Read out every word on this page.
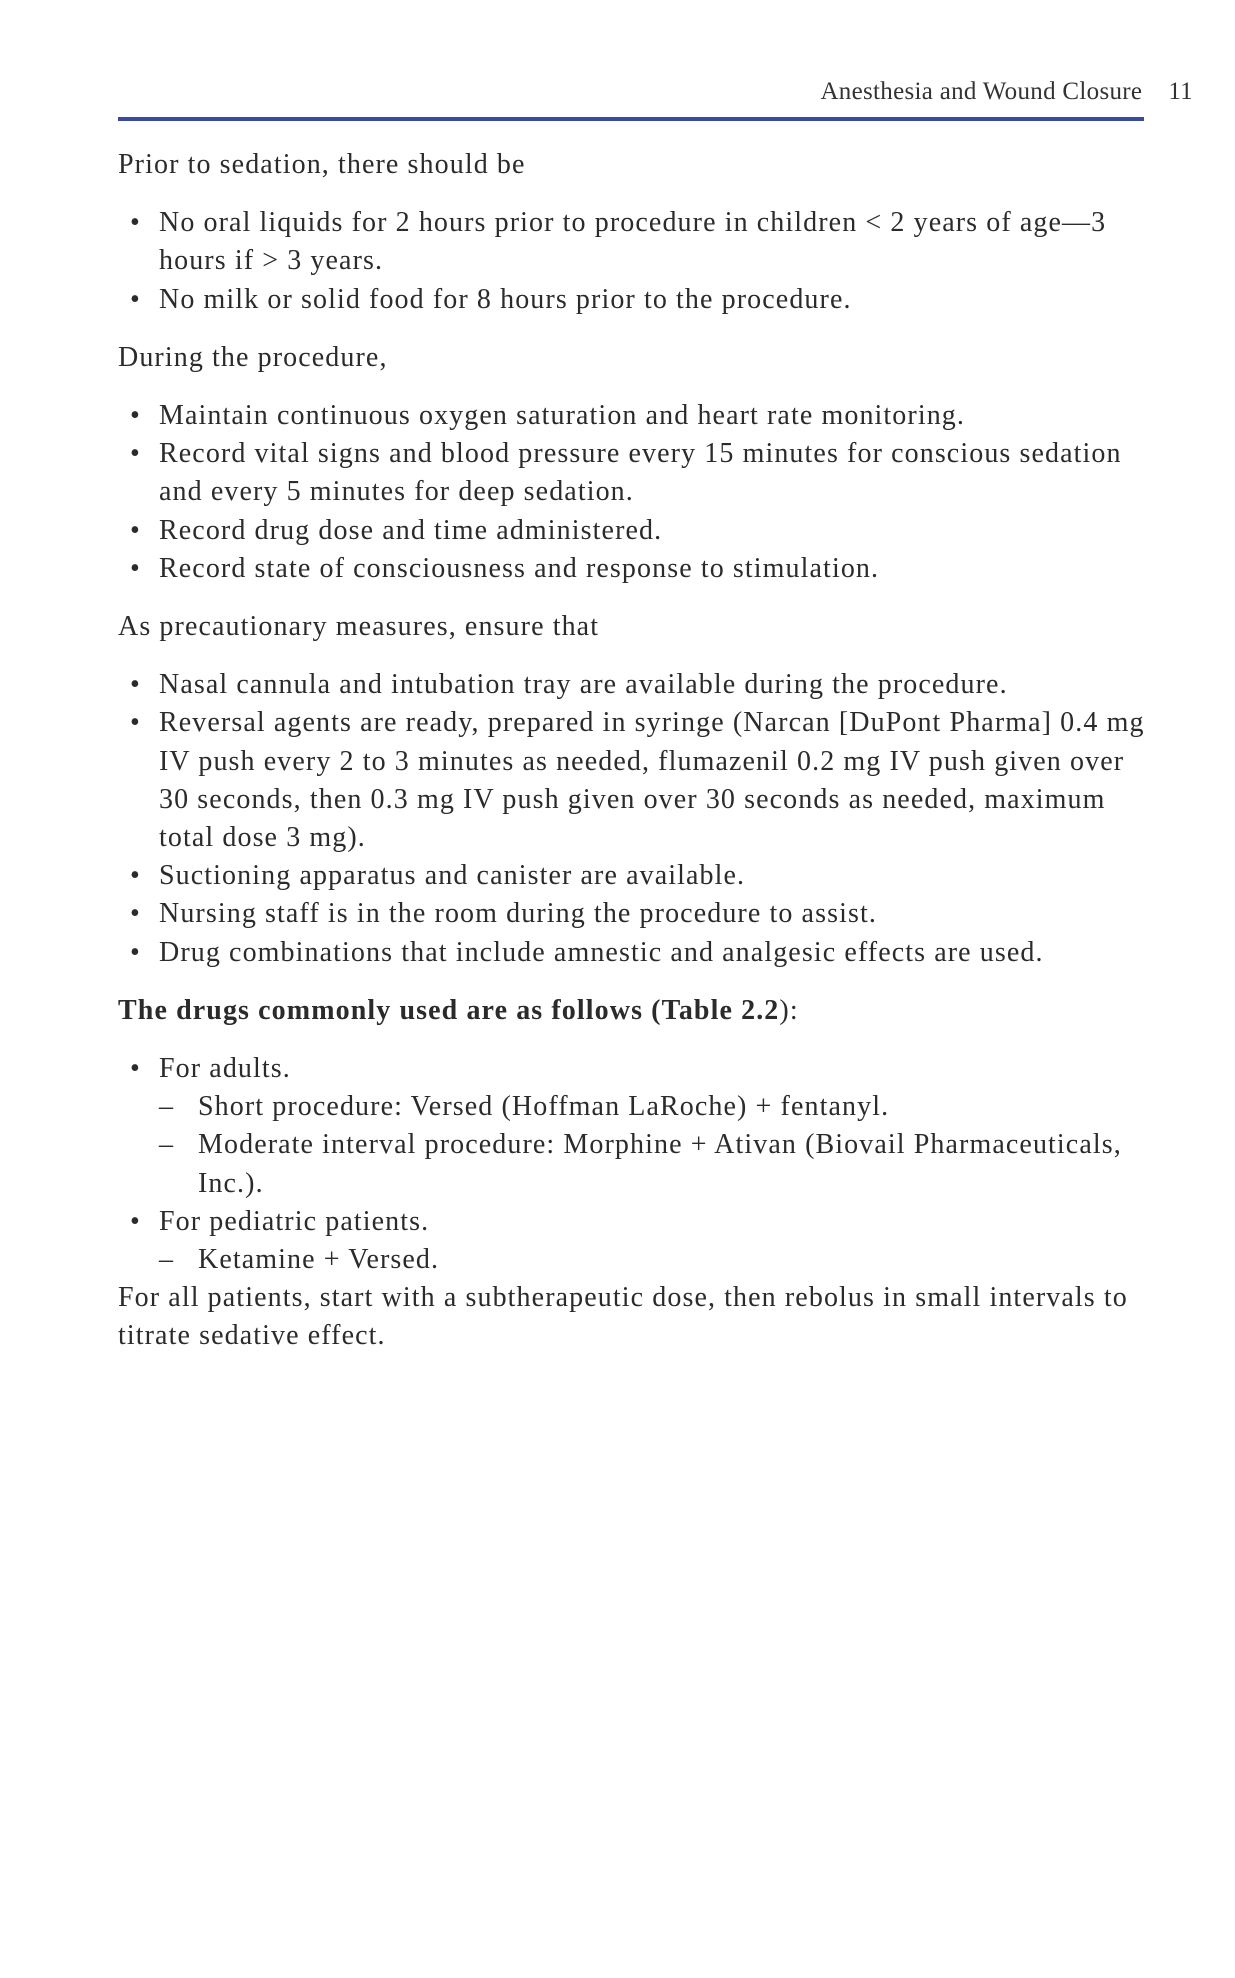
Anesthesia and Wound Closure 11

Prior to sedation, there should be

• No oral liquids for 2 hours prior to procedure in children < 2 years of age—3 hours if > 3 years.
• No milk or solid food for 8 hours prior to the procedure.

During the procedure,

• Maintain continuous oxygen saturation and heart rate monitoring.
• Record vital signs and blood pressure every 15 minutes for conscious sedation and every 5 minutes for deep sedation.
• Record drug dose and time administered.
• Record state of consciousness and response to stimulation.

As precautionary measures, ensure that

• Nasal cannula and intubation tray are available during the procedure.
• Reversal agents are ready, prepared in syringe (Narcan [DuPont Pharma] 0.4 mg IV push every 2 to 3 minutes as needed, flumazenil 0.2 mg IV push given over 30 seconds, then 0.3 mg IV push given over 30 seconds as needed, maximum total dose 3 mg).
• Suctioning apparatus and canister are available.
• Nursing staff is in the room during the procedure to assist.
• Drug combinations that include amnestic and analgesic effects are used.

The drugs commonly used are as follows (Table 2.2):

• For adults.
– Short procedure: Versed (Hoffman LaRoche) + fentanyl.
– Moderate interval procedure: Morphine + Ativan (Biovail Pharmaceuticals, Inc.).
• For pediatric patients.
– Ketamine + Versed.

For all patients, start with a subtherapeutic dose, then rebolus in small intervals to titrate sedative effect.
